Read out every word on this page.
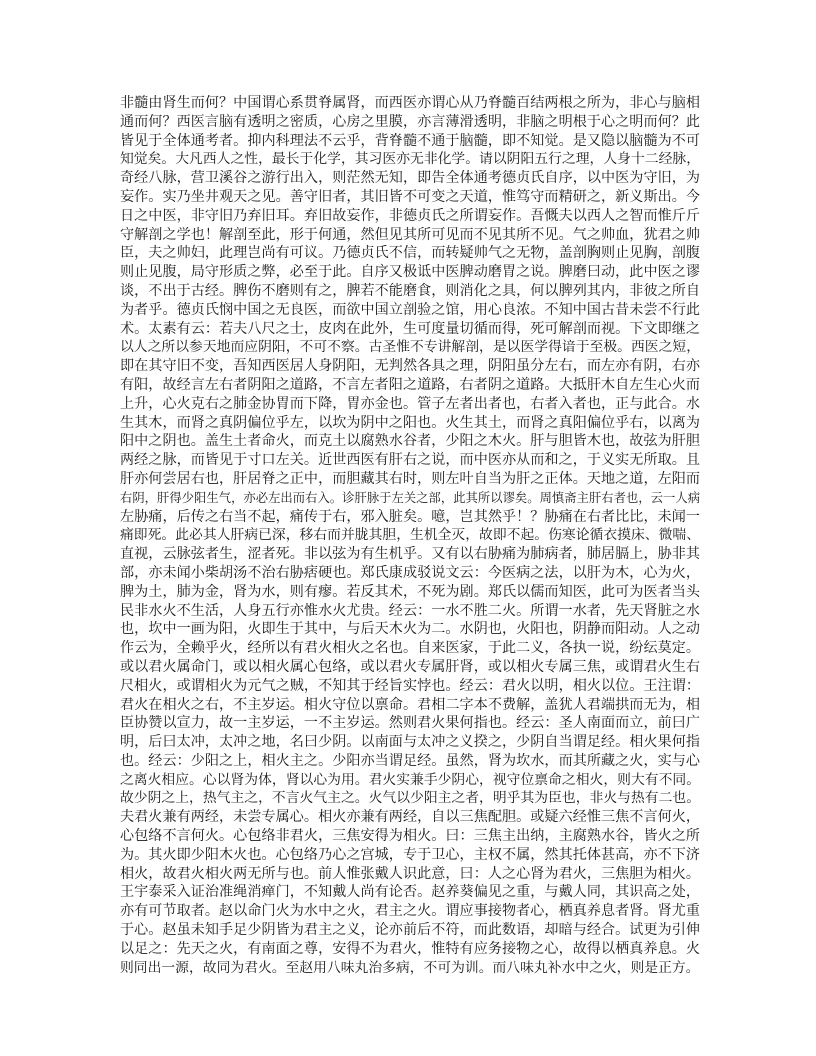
非髓由肾生而何？中国谓心系贯脊属肾，而西医亦谓心从乃脊髓百结两根之所为，非心与脑相
通而何？西医言脑有透明之密质，心房之里膜，亦言薄滑透明，非脑之明根于心之明而何？此
皆见于全体通考者。抑内科理法不云乎，背脊髓不通于脑髓，即不知觉。是又隐以脑髓为不可
知觉矣。大凡西人之性，最长于化学，其习医亦无非化学。请以阴阳五行之理，人身十二经脉，
奇经八脉，营卫溪谷之游行出入，则茫然无知，即告全体通考德贞氏自序，以中医为守旧，为
妄作。实乃坐井观天之见。善守旧者，其旧皆不可变之天道，惟笃守而精研之，新义斯出。今
日之中医，非守旧乃弃旧耳。弃旧故妄作，非德贞氏之所谓妄作。吾慨夫以西人之智而惟斤斤
守解剖之学也！解剖至此，形于何通，然但见其所可见而不见其所不见。气之帅血，犹君之帅
臣，夫之帅妇，此理岂尚有可议。乃德贞氏不信，而转疑帅气之无物，盖剖胸则止见胸，剖腹
则止见腹，局守形质之弊，必至于此。自序又极诋中医脾动磨胃之说。脾磨曰动，此中医之谬
谈，不出于古经。脾伤不磨则有之，脾若不能磨食，则消化之具，何以脾列其内，非彼之所自
为者乎。德贞氏悯中国之无良医，而欲中国立剖验之馆，用心良浓。不知中国古昔未尝不行此
术。太素有云：若夫八尺之士，皮肉在此外，生可度量切循而得，死可解剖而视。下文即继之
以人之所以参天地而应阴阳，不可不察。古圣惟不专讲解剖，是以医学得谙于至极。西医之短，
即在其守旧不变，吾知西医居人身阴阳，无判然各具之理，阴阳虽分左右，而左亦有阴，右亦
有阳，故经言左右者阴阳之道路，不言左者阳之道路，右者阴之道路。大抵肝木自左生心火而
上升，心火克右之肺金协胃而下降，胃亦金也。管子左者出者也，右者入者也，正与此合。水
生其木，而肾之真阴偏位乎左，以坎为阴中之阳也。火生其土，而肾之真阳偏位乎右，以离为
阳中之阴也。盖生土者命火，而克土以腐熟水谷者，少阳之木火。肝与胆皆木也，故弦为肝胆
两经之脉，而皆见于寸口左关。近世西医有肝右之说，而中医亦从而和之，于义实无所取。且
肝亦何尝居右也，肝居脊之正中，而胆藏其右时，则左叶自当为肝之正体。天地之道，左阳而
右阴，肝得少阳生气，亦必左出而右入。诊肝脉于左关之部，此其所以谬矣。周慎斋主肝右者也，云一人病
左胁痛，后传之右当不起，痛传于右，邪入脏矣。噫，岂其然乎！？胁痛在右者比比，未闻一
痛即死。此必其人肝病已深，移右而并胧其胆，生机全灭，故即不起。伤寒论循衣摸床、微喘、
直视，云脉弦者生，涩者死。非以弦为有生机乎。又有以右胁痛为肺病者，肺居膈上，胁非其
部，亦未闻小柴胡汤不治右胁痞硬也。郑氏康成驳说文云：今医病之法，以肝为木，心为火，
脾为土，肺为金，肾为水，则有瘳。若反其术，不死为剧。郑氏以儒而知医，此可为医者当头
民非水火不生活，人身五行亦惟水火尤贵。经云：一水不胜二火。所谓一水者，先天肾脏之水
也，坎中一画为阳，火即生于其中，与后天木火为二。水阴也，火阳也，阴静而阳动。人之动
作云为，全赖乎火，经所以有君火相火之名也。自来医家，于此二义，各执一说，纷纭莫定。
或以君火属命门，或以相火属心包络，或以君火专属肝肾，或以相火专属三焦，或谓君火生右
尺相火，或谓相火为元气之贼，不知其于经旨实悖也。经云：君火以明，相火以位。王注谓：
君火在相火之右，不主岁运。相火守位以禀命。君相二字本不费解，盖犹人君端拱而无为，相
臣协赞以宣力，故一主岁运，一不主岁运。然则君火果何指也。经云：圣人南面而立，前曰广
明，后曰太冲，太冲之地，名曰少阴。以南面与太冲之义揆之，少阴自当谓足经。相火果何指
也。经云：少阳之上，相火主之。少阳亦当谓足经。虽然，肾为坎水，而其所藏之火，实与心
之离火相应。心以肾为体，肾以心为用。君火实兼手少阴心，视守位禀命之相火，则大有不同。
故少阴之上，热气主之，不言火气主之。火气以少阳主之者，明乎其为臣也，非火与热有二也。
夫君火兼有两经，未尝专属心。相火亦兼有两经，自以三焦配胆。或疑六经惟三焦不言何火，
心包络不言何火。心包络非君火，三焦安得为相火。曰：三焦主出纳，主腐熟水谷，皆火之所
为。其火即少阳木火也。心包络乃心之宫城，专于卫心，主权不属，然其托体甚高，亦不下济
相火，故君火相火两无所与也。前人惟张戴人识此意，曰：人之心肾为君火，三焦胆为相火。
王宇泰采入证治准绳消瘅门，不知戴人尚有论否。赵养葵偏见之重，与戴人同，其识高之处，
亦有可节取者。赵以命门火为水中之火，君主之火。谓应事接物者心，栖真养息者肾。肾尤重
于心。赵虽未知手足少阴皆为君主之义，论亦前后不符，而此数语，却暗与经合。试更为引伸
以足之：先天之火，有南面之尊，安得不为君火，惟特有应务接物之心，故得以栖真养息。火
则同出一源，故同为君火。至赵用八味丸治多病，不可为训。而八味丸补水中之火，则是正方。
